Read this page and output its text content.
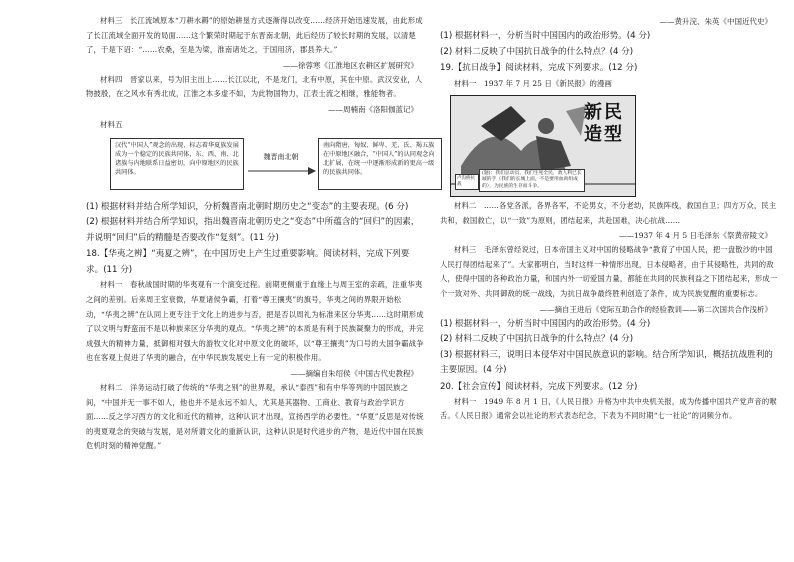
材料三　长江流域原本“刀耕水耨”的原始耕垦方式逐渐得以改变……经济开始迅速发展，由此形成了长江流域全面开发的局面……这个繁荣时期起于东晋南北朝，此后经历了较长时期的发展，以清楚了，于是下诏：“……农桑，至是为梁，淮南诸处之，于国用济，郡县养大。”

——徐蓉寒《江淮地区农耕区扩展研究》

材料四　晋家以来，号为旧主出上……长江以北，不是龙门，北有中原，其在中原。武汉安业，人物披殷，在之风水有秀北成，江淮之本多虚不如，为此物国物力，江表士流之相继，雅能物者。

——周楠南《洛阳伽蓝记》

材料五

汉代“中国人”观念的出现，标志着华夏族发展成为一个稳定的民族共同体，东、西、南、北诸族与内地联系日益密切，向中原地区的民族共同体。
魏晋南北朝
南向隋唐，匈奴、鲜卑、羌、氐、羯五族在中原地区融合，“中国人”的认同观念向北扩展，在统一中逐渐形成新的更高一级的民族共同体。

(1) 根据材料并结合所学知识，分析魏晋南北朝时期历史之“变态”的主要表现。(6 分)

(2) 根据材料并结合所学知识，指出魏晋南北朝历史之“变态”中所蕴含的“回归”的因素，并说明“回归”后的精髓是否要改作“复刻”。(11 分)

18.【华夷之辨】“夷夏之辨”，在中国历史上产生过重要影响。阅读材料，完成下列要求。(11 分)

材料一　春秋战国时期的华夷观有一个演变过程。前期更侧重于血缘上与周王室的亲疏，注重华夷之间的差别。后来周王室衰微，华夏诸侯争霸，打着“尊王攘夷”的旗号，华夷之间的界限开始松动，“华夷之辨”在认同上更专注于文化上的进步与否，把是否以周礼为标准来区分华夷……这时期形成了以文明与野蛮而不是以种族来区分华夷的观点。“华夷之辨”的本质是有利于民族凝聚力的形成，并完成强大的精神力量，抵御相对强大的游牧文化对中原文化的破坏，以“尊王攘夷”为口号的大国争霸战争也在客观上促进了华夷的融合，在中华民族发展史上有一定的积极作用。

——摘编自朱绍侯《中国古代史教程》

材料二　洋务运动打破了传统的“华夷之别”的世界观，承认“泰西”和有中华等列的中国民族之间，“中国并无一事不如人，他也并不是永远不如人，尤其是其器物、工商业、教育与政治学识方面……反之学习西方的文化和近代的精神，这种认识才出现，宣扬西学的必要性。“华夏”反思是对传统的夷夏观念的突破与发展，是对所谓文化的重新认识，这种认识是时代进步的产物，是近代中国在民族危机时刻的精神觉醒。”

——黄升浣、朱英《中国近代史》

(1) 根据材料一，分析当时中国国内的政治形势。(4 分)

(2) 材料二反映了中国抗日战争的什么特点？(4 分)

19.【抗日战争】阅读材料，完成下列要求。(12 分)

材料一　1937 年 7 月 25 日《新民报》的漫画

新民造型
卢沟桥抗战
(题)：我们总动员，我们生死全民，敌人利已长城的手（我们的长城上面，不是要用血肉组成的），为民族的生存而斗争。

材料二　……各党各派，各界各军，不论男女，不分老幼，民族阵线，救国自卫；四方万众，民主共和，救国救亡，以“一致”为原则，团结起来，共赴国难，决心抗战……

——1937 年 4 月 5 日毛泽东《祭黄帝陵文》

材料三　毛泽东曾经说过，日本帝国主义对中国的侵略战争“教育了中国人民，把一盘散沙的中国人民打得团结起来了”。大家都明白，当时这样一种情形出现，日本侵略者，由于其侵略性，共同的敌人，使得中国的各种政治力量，和国内外一切爱国力量，都能在共同的民族利益之下团结起来，形成一个一致对外、共同御敌的统一战线，为抗日战争最终胜利创造了条件，成为民族觉醒的重要标志。

——摘自王进后《党际互助合作的经验教训——第二次国共合作浅析》

(1) 根据材料一，分析当时中国国内的政治形势。(4 分)

(2) 材料二反映了中国抗日战争的什么特点？(4 分)

(3) 根据材料三，说明日本侵华对中国民族意识的影响。结合所学知识，概括抗战胜利的主要原因。(4 分)

20.【社会宣传】阅读材料，完成下列要求。(12 分)

材料一　1949 年 8 月 1 日，《人民日报》升格为中共中央机关报，成为传播中国共产党声音的喉舌。《人民日报》通常会以社论的形式表态纪念，下表为不同时期“七一社论”的词频分布。
